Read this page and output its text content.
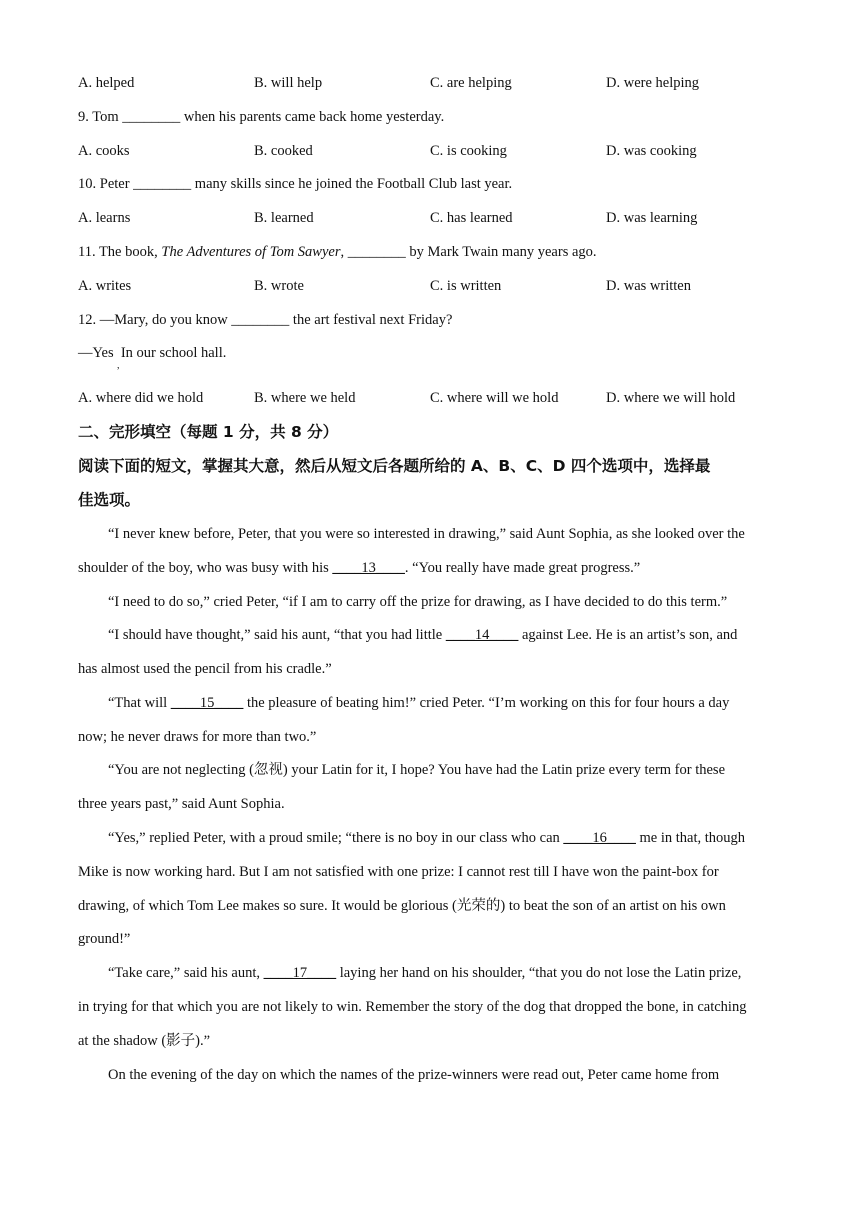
A. helped	B. will help	C. are helping	D. were helping
9. Tom ________ when his parents came back home yesterday.
A. cooks	B. cooked	C. is cooking	D. was cooking
10. Peter ________ many skills since he joined the Football Club last year.
A. learns	B. learned	C. has learned	D. was learning
11. The book, The Adventures of Tom Sawyer, ________ by Mark Twain many years ago.
A. writes	B. wrote	C. is written	D. was written
12. —Mary, do you know ________ the art festival next Friday?
—Yes  In our school hall.
,
A. where did we hold	B. where we held	C. where will we hold	D. where we will hold
二、完形填空（每题 1 分，共 8 分）
阅读下面的短文，掌握其大意，然后从短文后各题所给的 A、B、C、D 四个选项中，选择最
佳选项。
“I never knew before, Peter, that you were so interested in drawing,” said Aunt Sophia, as she looked over the
shoulder of the boy, who was busy with his ____13____. “You really have made great progress.”
“I need to do so,” cried Peter, “if I am to carry off the prize for drawing, as I have decided to do this term.”
“I should have thought,” said his aunt, “that you had little ____14____ against Lee. He is an artist’s son, and
has almost used the pencil from his cradle.”
“That will ____15____ the pleasure of beating him!” cried Peter. “I’m working on this for four hours a day
now; he never draws for more than two.”
“You are not neglecting (忽视) your Latin for it, I hope? You have had the Latin prize every term for these
three years past,” said Aunt Sophia.
“Yes,” replied Peter, with a proud smile; “there is no boy in our class who can ____16____ me in that, though
Mike is now working hard. But I am not satisfied with one prize: I cannot rest till I have won the paint-box for
drawing, of which Tom Lee makes so sure. It would be glorious (光荣的) to beat the son of an artist on his own
ground!”
“Take care,” said his aunt, ____17____ laying her hand on his shoulder, “that you do not lose the Latin prize,
in trying for that which you are not likely to win. Remember the story of the dog that dropped the bone, in catching
at the shadow (影子).”
On the evening of the day on which the names of the prize-winners were read out, Peter came home from
